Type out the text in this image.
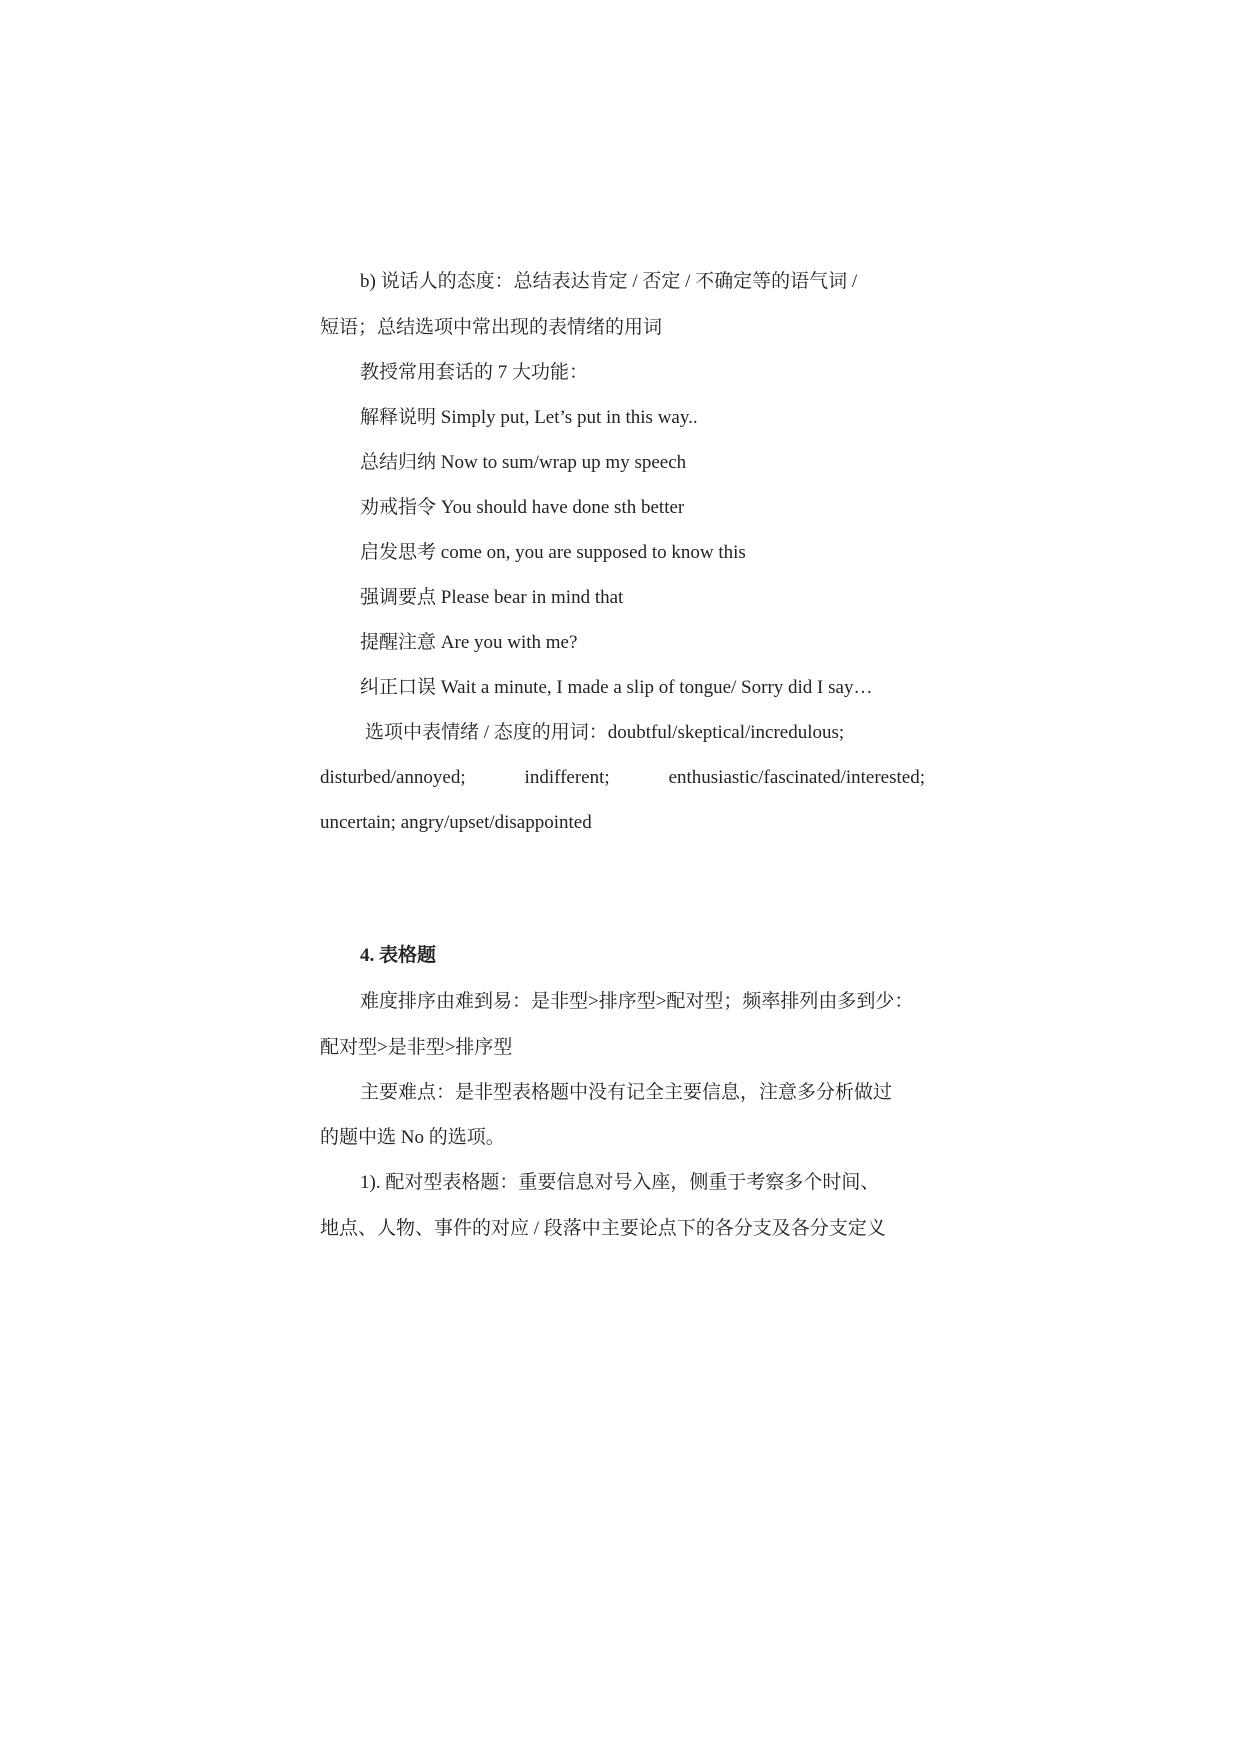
b) 说话人的态度：总结表达肯定 / 否定 / 不确定等的语气词 /
短语；总结选项中常出现的表情绪的用词
教授常用套话的 7 大功能：
解释说明 Simply put, Let’s put in this way..
总结归纳 Now to sum/wrap up my speech
劝戒指令 You should have done sth better
启发思考 come on, you are supposed to know this
强调要点 Please bear in mind that
提醒注意 Are you with me?
纠正口误 Wait a minute, I made a slip of tongue/ Sorry did I say…
选项中表情绪 / 态度的用词：doubtful/skeptical/incredulous;
disturbed/annoyed;	indifferent;	enthusiastic/fascinated/interested;
uncertain; angry/upset/disappointed
4. 表格题
难度排序由难到易：是非型>排序型>配对型；频率排列由多到少：
配对型>是非型>排序型
主要难点：是非型表格题中没有记全主要信息，注意多分析做过
的题中选 No 的选项。
1). 配对型表格题：重要信息对号入座，侧重于考察多个时间、
地点、人物、事件的对应 / 段落中主要论点下的各分支及各分支定义
